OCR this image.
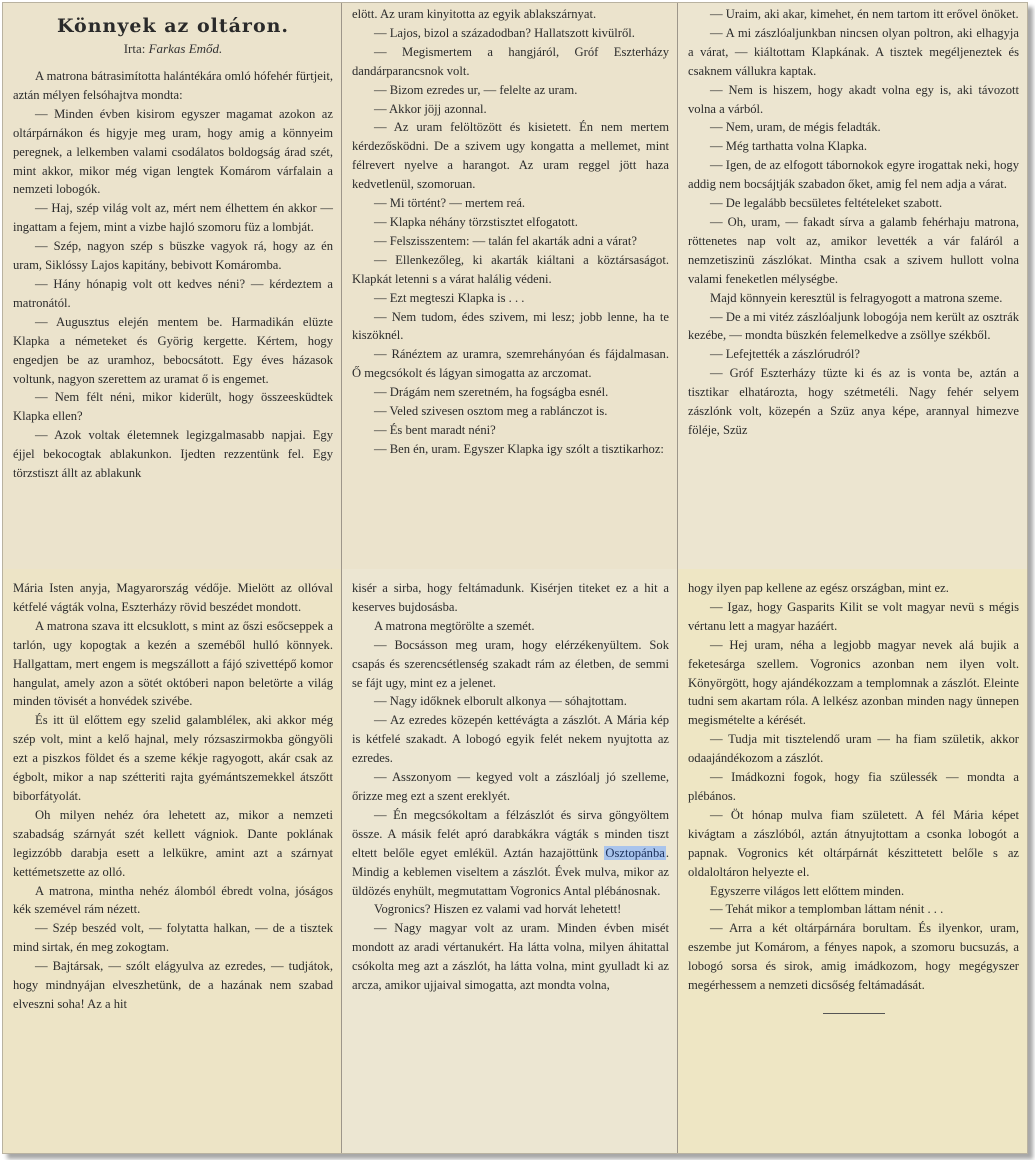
Könnyek az oltáron.
Irta: Farkas Emőd.

A matrona bátrasimította halántékára omló hófehér fürtjeit, aztán mélyen felsóhajtva mondta:

— Minden évben kisirom egyszer magamat azokon az oltárpárnákon és higyje meg uram, hogy amig a könnyeim peregnek, a lelkemben valami csodálatos boldogság árad szét, mint akkor, mikor még vigan lengtek Komárom várfalain a nemzeti lobogók.

— Haj, szép világ volt az, mért nem élhettem én akkor — ingattam a fejem, mint a vizbe hajló szomoru füz a lombját.

— Szép, nagyon szép s büszke vagyok rá, hogy az én uram, Siklóssy Lajos kapitány, bebivott Komáromba.

— Hány hónapig volt ott kedves néni? — kérdeztem a matronától.

— Augusztus elején mentem be. Harmadikán elüzte Klapka a németeket és Györig kergette. Kértem, hogy engedjen be az uramhoz, bebocsátott. Egy éves házasok voltunk, nagyon szerettem az uramat ő is engemet.

— Nem félt néni, mikor kiderült, hogy összeesküdtek Klapka ellen?

— Azok voltak életemnek legizgalmasabb napjai. Egy éjjel bekocogtak ablakunkon. Ijedten rezzentünk fel. Egy törzstiszt állt az ablakunk

elött. Az uram kinyitotta az egyik ablakszárnyat.

— Lajos, bizol a századodban? Hallatszott kivülről.

— Megismertem a hangjáról, Gróf Eszterházy dandárparancsnok volt.

— Bizom ezredes ur, — felelte az uram.

— Akkor jöjj azonnal.

— Az uram felöltözött és kisietett. Én nem mertem kérdezősködni. De a szivem ugy kongatta a mellemet, mint félrevert nyelve a harangot. Az uram reggel jött haza kedvetlenül, szomoruan.

— Mi történt? — mertem reá.

— Klapka néhány törzstisztet elfogatott.

— Felszisszentem: — talán fel akarták adni a várat?

— Ellenkezőleg, ki akarták kiáltani a köztársaságot. Klapkát letenni s a várat halálig védeni.

— Ezt megteszi Klapka is . . .

— Nem tudom, édes szivem, mi lesz; jobb lenne, ha te kiszöknél.

— Ránéztem az uramra, szemrehányóan és fájdalmasan. Ő megcsókolt és lágyan simogatta az arczomat.

— Drágám nem szeretném, ha fogságba esnél.

— Veled szivesen osztom meg a rablánczot is.

— És bent maradt néni?

— Ben én, uram. Egyszer Klapka igy szólt a tisztikarhoz:

— Uraim, aki akar, kimehet, én nem tartom itt erővel önöket.

— A mi zászlóaljunkban nincsen olyan poltron, aki elhagyja a várat, — kiáltottam Klapkának. A tisztek megéljeneztek és csaknem vállukra kaptak.

— Nem is hiszem, hogy akadt volna egy is, aki távozott volna a várból.

— Nem, uram, de mégis feladták.

— Még tarthatta volna Klapka.

— Igen, de az elfogott tábornokok egyre irogattak neki, hogy addig nem bocsájtják szabadon őket, amig fel nem adja a várat.

— De legalább becsületes feltételeket szabott.

— Oh, uram, — fakadt sírva a galamb fehérhaju matrona, röttenetes nap volt az, amikor levették a vár faláról a nemzetiszinü zászlókat. Mintha csak a szivem hullott volna valami feneketlen mélységbe.

Majd könnyein keresztül is felragyogott a matrona szeme.

— De a mi vitéz zászlóaljunk lobogója nem került az osztrák kezébe, — mondta büszkén felemelkedve a zsöllye székből.

— Lefejtették a zászlórudról?

— Gróf Eszterházy tüzte ki és az is vonta be, aztán a tisztikar elhatározta, hogy szétmetéli. Nagy fehér selyem zászlónk volt, közepén a Szüz anya képe, arannyal himezve föléje, Szüz

Mária Isten anyja, Magyarország védője. Mielött az ollóval kétfelé vágták volna, Eszterházy rövid beszédet mondott.

A matrona szava itt elcsuklott, s mint az őszi esőcseppek a tarlón, ugy kopogtak a kezén a szeméből hulló könnyek. Hallgattam, mert engem is megszállott a fájó szivettépő komor hangulat, amely azon a sötét októberi napon beletörte a világ minden tövisét a honvédek szivébe.

És itt ül előttem egy szelid galambléleк, aki akkor még szép volt, mint a kelő hajnal, mely rózsaszirmokba göngyöli ezt a piszkos földet és a szeme kékje ragyogott, akár csak az égbolt, mikor a nap szétteriti rajta gyémántszemekkel átszőtt biborfátyolát.

Oh milyen nehéz óra lehetett az, mikor a nemzeti szabadság szárnyát szét kellett vágniok. Dante poklának legizzóbb darabja esett a lelkükre, amint azt a szárnyat kettémetszette az olló.

A matrona, mintha nehéz álomból ébredt volna, jóságos kék szemével rám nézett.

— Szép beszéd volt, — folytatta halkan, — de a tisztek mind sirtak, én meg zokogtam.

— Bajtársak, — szólt elágyulva az ezredes, — tudjátok, hogy mindnyájan elveszhetünk, de a hazának nem szabad elveszni soha! Az a hit

kisér a sirba, hogy feltámadunk. Kisérjen titeket ez a hit a keserves bujdosásba.

A matrona megtörölte a szemét.

— Bocsásson meg uram, hogy elérzékenyültem. Sok csapás és szerencsétlenség szakadt rám az életben, de semmi se fájt ugy, mint ez a jelenet.

— Nagy időknek elborult alkonya — sóhajtottam.

— Az ezredes közepén kettévágta a zászlót. A Mária kép is kétfelé szakadt. A lobogó egyik felét nekem nyujtotta az ezredes.

— Asszonyom — kegyed volt a zászlóalj jó szelleme, őrizze meg ezt a szent ereklyét.

— Én megcsókoltam a félzászlót és sirva göngyöltem össze. A másik felét apró darabkákra vágták s minden tiszt eltett belőle egyet emlékül. Aztán hazajöttünk Osztopánba. Mindig a keblemen viseltem a zászlót. Évek mulva, mikor az üldözés enyhült, megmutattam Vogronics Antal plébánosnak.

Vogronics? Hiszen ez valami vad horvát lehetett!

— Nagy magyar volt az uram. Minden évben misét mondott az aradi vértanukért. Ha látta volna, milyen áhitattal csókolta meg azt a zászlót, ha látta volna, mint gyulladt ki az arcza, amikor ujjaival simogatta, azt mondta volna,

hogy ilyen pap kellene az egész országban, mint ez.

— Igaz, hogy Gasparits Kilit se volt magyar nevü s mégis vértanu lett a magyar hazáért.

— Hej uram, néha a legjobb magyar nevek alá bujik a feketesárga szellem. Vogronics azonban nem ilyen volt. Könyörgött, hogy ajándékozzam a templomnak a zászlót. Eleinte tudni sem akartam róla. A lelkész azonban minden nagy ünnepen megismételte a kérését.

— Tudja mit tisztelendő uram — ha fiam születik, akkor odaajándékozom a zászlót.

— Imádkozni fogok, hogy fia szülessék — mondta a plébános.

— Öt hónap mulva fiam született. A fél Mária képet kivágtam a zászlóból, aztán átnyujtottam a csonka lobogót a papnak. Vogronics két oltárpárnát készittetett belőle s az oldaloltáron helyezte el.

Egyszerre világos lett előttem minden.

— Tehát mikor a templomban láttam nénit . . .

— Arra a két oltárpárnára borultam. És ilyenkor, uram, eszembe jut Komárom, a fényes napok, a szomoru bucsuzás, a lobogó sorsa és sirok, amig imádkozom, hogy megégyszer megérhessem a nemzeti dicsőség feltámadását.
